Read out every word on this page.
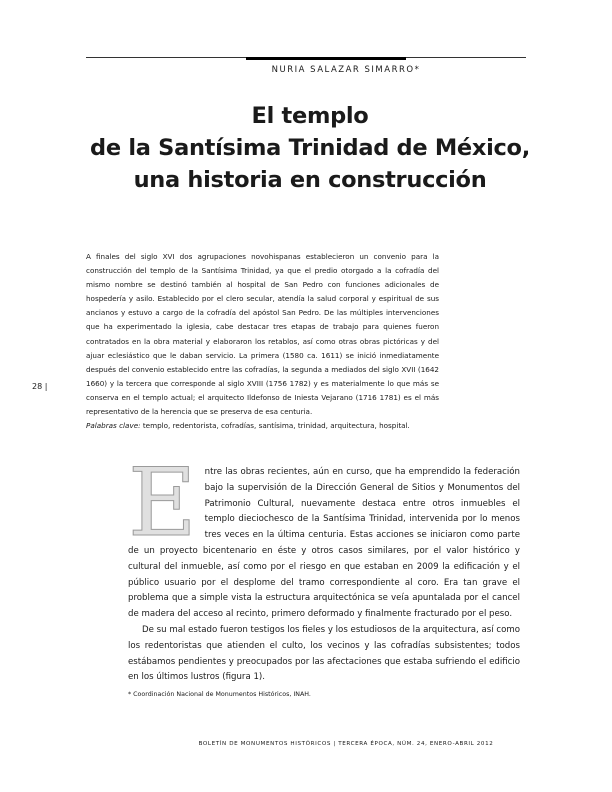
NURIA SALAZAR SIMARRO*
El templo
de la Santísima Trinidad de México,
una historia en construcción
A finales del siglo XVI dos agrupaciones novohispanas establecieron un convenio para la construcción del templo de la Santísima Trinidad, ya que el predio otorgado a la cofradía del mismo nombre se destinó también al hospital de San Pedro con funciones adicionales de hospedería y asilo. Establecido por el clero secular, atendía la salud corporal y espiritual de sus ancianos y estuvo a cargo de la cofradía del apóstol San Pedro. De las múltiples intervenciones que ha experimentado la iglesia, cabe destacar tres etapas de trabajo para quienes fueron contratados en la obra material y elaboraron los retablos, así como otras obras pictóricas y del ajuar eclesiástico que le daban servicio. La primera (1580 ca. 1611) se inició inmediatamente después del convenio establecido entre las cofradías, la segunda a mediados del siglo XVII (1642 1660) y la tercera que corresponde al siglo XVIII (1756 1782) y es materialmente lo que más se conserva en el templo actual; el arquitecto Ildefonso de Iniesta Vejarano (1716 1781) es el más representativo de la herencia que se preserva de esa centuria.
Palabras clave: templo, redentorista, cofradías, santísima, trinidad, arquitectura, hospital.
28 |
E ntre las obras recientes, aún en curso, que ha emprendido la federación bajo la supervisión de la Dirección General de Sitios y Monumentos del Patrimonio Cultural, nuevamente destaca entre otros inmuebles el templo dieciochesco de la Santísima Trinidad, intervenida por lo menos tres veces en la última centuria. Estas acciones se iniciaron como parte de un proyecto bicentenario en éste y otros casos similares, por el valor histórico y cultural del inmueble, así como por el riesgo en que estaban en 2009 la edificación y el público usuario por el desplome del tramo correspondiente al coro. Era tan grave el problema que a simple vista la estructura arquitectónica se veía apuntalada por el cancel de madera del acceso al recinto, primero deformado y finalmente fracturado por el peso.

De su mal estado fueron testigos los fieles y los estudiosos de la arquitectura, así como los redentoristas que atienden el culto, los vecinos y las cofradías subsistentes; todos estábamos pendientes y preocupados por las afectaciones que estaba sufriendo el edificio en los últimos lustros (figura 1).

* Coordinación Nacional de Monumentos Históricos, INAH.
BOLETÍN DE MONUMENTOS HISTÓRICOS | TERCERA ÉPOCA, NÚM. 24, ENERO-ABRIL 2012
